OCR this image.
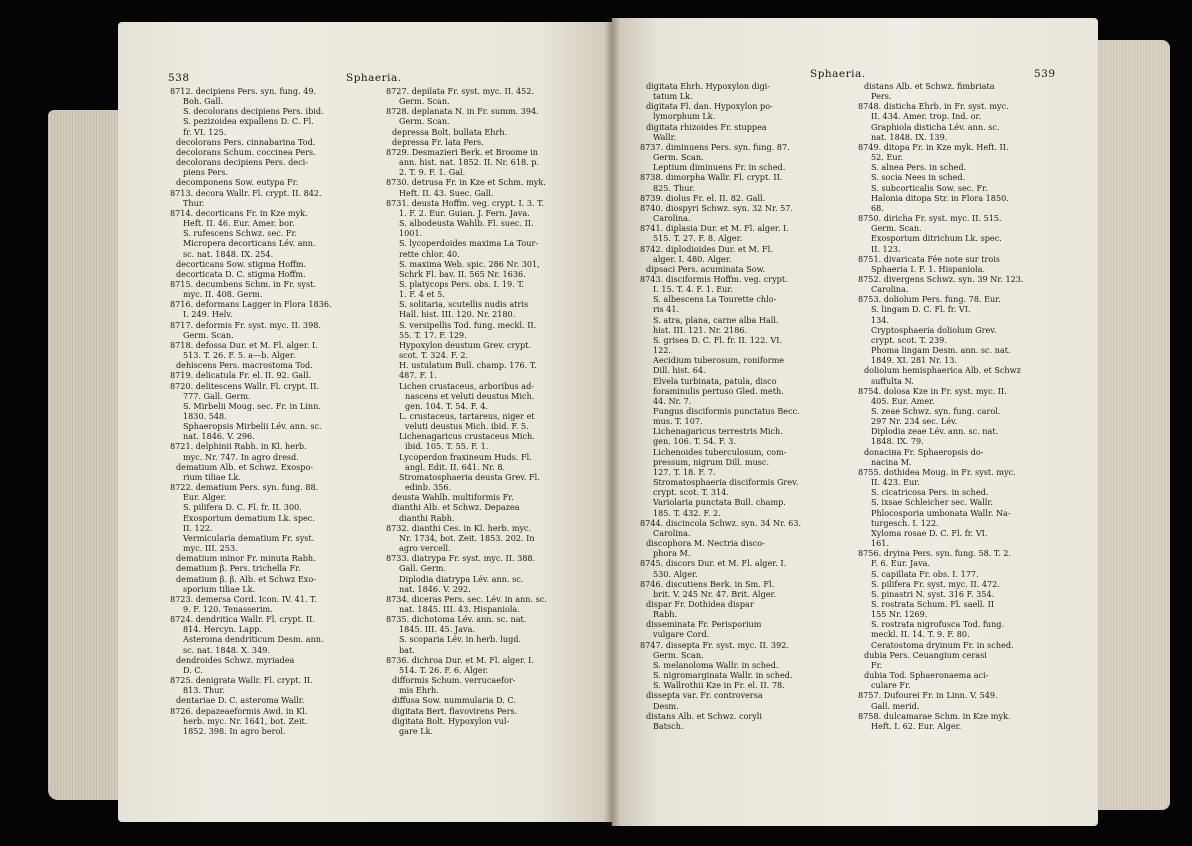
538	Sphaeria.
8712. decipiens Pers. syn. fung. 49.
Boh. Gall.
S. decolorans decipiens Pers. ibid.
S. pezizoidea expallens D. C. Fl.
fr. VI. 125.
decolorans Pers. cinnabarina Tod.
decolorans Schum. coccinea Pers.
decolorans decipiens Pers. deci-
piens Pers.
decomponens Sow. eutypa Fr.
8713. decora Wallr. Fl. crypt. II. 842.
Thur.
8714. decorticans Fr. in Kze myk.
Heft. II. 46. Eur. Amer. bor.
S. rufescens Schwz. sec. Fr.
Micropera decorticans Lév. ann.
sc. nat. 1848. IX. 254.
decorticans Sow. stigma Hoffm.
decorticata D. C. stigma Hoffm.
8715. decumbens Schm. in Fr. syst.
myc. II. 408. Germ.
8716. deformans Lagger in Flora 1836.
I. 249. Helv.
8717. deformis Fr. syst. myc. II. 398.
Germ. Scan.
8718. defossa Dur. et M. Fl. alger. I.
513. T. 26. F. 5. a—b. Alger.
dehiscens Pers. macrostoma Tod.
8719. delicatula Fr. el. II. 92. Gall.
8720. delitescens Wallr. Fl. crypt. II.
777. Gall. Germ.
S. Mirbelii Moug. sec. Fr. in Linn.
1830. 548.
Sphaeropsis Mirbelii Lév. ann. sc.
nat. 1846. V. 296.
8721. delphinii Rabh. in Kl. herb.
myc. Nr. 747. In agro dresd.
dematium Alb. et Schwz. Exospo-
rium tiliae Lk.
8722. dematium Pers. syn. fung. 88.
Eur. Alger.
S. pilifera D. C. Fl. fr. II. 300.
Exosporium dematium Lk. spec.
II. 122.
Vermicularia dematium Fr. syst.
myc. III. 253.
dematium minor Fr. minuta Rabh.
dematium β. Pers. trichella Fr.
dematium β. β. Alb. et Schwz Exo-
sporium tiliae Lk.
8723. demersa Cord. Icon. IV. 41. T.
9. F. 120. Tenasserim.
8724. dendritica Wallr. Fl. crypt. II.
814. Hercyn. Lapp.
Asteroma dendriticum Desm. ann.
sc. nat. 1848. X. 349.
dendroides Schwz. myriadea
D. C.
8725. denigrata Wallr. Fl. crypt. II.
813. Thur.
dentariae D. C. asteroma Wallr.
8726. depazeaeformis Awd. in Kl.
herb. myc. Nr. 1641, bot. Zeit.
1852. 398. In agro berol.
8727. depilata Fr. syst. myc. II. 452.
Germ. Scan.
8728. deplanata N. in Fr. summ. 394.
Germ. Scan.
depressa Bolt. bullata Ehrh.
depressa Fr. lata Pers.
8729. Desmazieri Berk. et Broome in
ann. hist. nat. 1852. II. Nr. 618. p.
2. T. 9. F. 1. Gal.
8730. detrusa Fr. in Kze et Schm. myk.
Heft. II. 43. Suec. Gall.
8731. deusta Hoffm. veg. crypt. I. 3. T.
1. F. 2. Eur. Guian. J. Fern. Java.
S. albodeusta Wahlb. Fl. suec. II.
1001.
S. lycoperdoides maxima La Tour-
rette chlor. 40.
S. maxima Web. spic. 286 Nr. 301,
Schrk Fl. bav. II. 565 Nr. 1636.
S. platycops Pers. obs. I. 19. T.
1. F. 4 et 5.
S. solitaria, scutellis nudis atris
Hall. hist. III. 120. Nr. 2180.
S. versipellis Tod. fung. meckl. II.
55. T. 17. F. 129.
Hypoxylon deustum Grev. crypt.
scot. T. 324. F. 2.
H. ustulatum Bull. champ. 176. T.
487. F. 1.
Lichen crustaceus, arboribus ad-
nascens et veluti deustus Mich.
gen. 104. T. 54. F. 4.
L. crustaceus, tartareus, niger et
veluti deustus Mich. ibid. F. 5.
Lichenagaricus crustaceus Mich.
ibid. 105. T. 55. F. 1.
Lycoperdon fraxineum Huds. Fl.
angl. Edit. II. 641. Nr. 8.
Stromatosphaeria deusta Grev. Fl.
edinb. 356.
deusta Wahlb. multiformis Fr.
dianthi Alb. et Schwz. Depazea
dianthi Rabh.
8732. dianthi Ces. in Kl. herb. myc.
Nr. 1734, bot. Zeit. 1853. 202. In
agro vercell.
8733. diatrypa Fr. syst. myc. II. 388.
Gall. Germ.
Diplodia diatrypa Lév. ann. sc.
nat. 1846. V. 292.
8734. diceras Pers. sec. Lév. in ann. sc.
nat. 1845. III. 43. Hispaniola.
8735. dichotoma Lév. ann. sc. nat.
1845. III. 45. Java.
S. scoparia Lév. in herb. lugd.
bat.
8736. dichroa Dur. et M. Fl. alger. I.
514. T. 26. F. 6. Alger.
difformis Schum. verrucaefor-
mis Ehrh.
diffusa Sow. nummularia D. C.
digitata Bert. flavovirens Pers.
digitata Bolt. Hypoxylon vul-
gare Lk.
Sphaeria.	539
digitata Ehrh. Hypoxylon digi-
tatum Lk.
digitata Fl. dan. Hypoxylon po-
lymorphum Lk.
digitata rhizoides Fr. stuppea
Wallr.
8737. diminuens Pers. syn. fung. 87.
Germ. Scan.
Leptium diminuens Fr. in sched.
8738. dimorpha Wallr. Fl. crypt. II.
825. Thur.
8739. diolus Fr. el. II. 82. Gall.
8740. diospyri Schwz. syn. 32 Nr. 57.
Carolina.
8741. diplasia Dur. et M. Fl. alger. I.
515. T. 27. F. 8. Alger.
8742. diplodioides Dur. et M. Fl.
alger. I. 480. Alger.
dipsaci Pers. acuminata Sow.
8743. disciformis Hoffm. veg. crypt.
I. 15. T. 4. F. 1. Eur.
S. albescens La Tourette chlo-
ris 41.
S. atra, plana, carne alba Hall.
hist. III. 121. Nr. 2186.
S. grisea D. C. Fl. fr. II. 122. VI.
122.
Aecidium tuberosum, roniforme
Dill. hist. 64.
Elvela turbinata, patula, disco
foraminulis pertuso Gled. meth.
44. Nr. 7.
Fungus disciformis punctatus Becc.
mus. T. 107.
Lichenagaricus terrestris Mich.
gen. 106. T. 54. F. 3.
Lichenoides tuberculosum, com-
pressum, nigrum Dill. musc.
127. T. 18. F. 7.
Stromatosphaeria disciformis Grev.
crypt. scot. T. 314.
Variolaria punctata Bull. champ.
185. T. 432. F. 2.
8744. discincola Schwz. syn. 34 Nr. 63.
Carolina.
discophora M. Nectria disco-
phora M.
8745. discors Dur. et M. Fl. alger. I.
530. Alger.
8746. discutiens Berk. in Sm. Fl.
brit. V. 245 Nr. 47. Brit. Alger.
dispar Fr. Dothidea dispar
Rabh.
disseminata Fr. Perisporium
vulgare Cord.
8747. disseptа Fr. syst. myc. II. 392.
Germ. Scan.
S. melanoloma Wallr. in sched.
S. nigromarginata Wallr. in sched.
S. Wallrothii Kze in Fr. el. II. 78.
dissepta var. Fr. controversa
Desm.
distans Alb. et Schwz. coryli
Batsch.
distans Alb. et Schwz. fimbriata
Pers.
8748. disticha Ehrb. in Fr. syst. myc.
II. 434. Amer. trop. Ind. or.
Graphiola disticha Lév. ann. sc.
nat. 1848. IX. 139.
8749. ditopa Fr. in Kze myk. Heft. II.
52. Eur.
S. alnea Pers. in sched.
S. socia Nees in sched.
S. subcorticalis Sow. sec. Fr.
Halonia ditopa Str. in Flora 1850.
68.
8750. diricha Fr. syst. myc. II. 515.
Germ. Scan.
Exosporium ditrichum Lk. spec.
II. 123.
8751. divaricata Fée note sur trois
Sphaeria I. F. 1. Hispaniola.
8752. divergens Schwz. syn. 39 Nr. 123.
Carolina.
8753. doliolum Pers. fung. 78. Eur.
S. lingam D. C. Fl. fr. VI.
134.
Cryptosphaeria doliolum Grev.
crypt. scot. T. 239.
Phoma lingam Desm. ann. sc. nat.
1849. XI. 281 Nr. 13.
doliolum hemisphaerica Alb. et Schwz
suffulta N.
8754. dolosa Kze in Fr. syst. myc. II.
405. Eur. Amer.
S. zeae Schwz. syn. fung. carol.
297 Nr. 234 sec. Lév.
Diplodia zeae Lév. ann. sc. nat.
1848. IX. 79.
donaciна Fr. Sphaeropsis do-
nacina M.
8755. dothidea Moug. in Fr. syst. myc.
II. 423. Eur.
S. cicatricosa Pers. in sched.
S. ixsae Schleicher sec. Wallr.
Phlocosporia umbonata Wallr. Na-
turgesch. I. 122.
Xyloma rosae D. C. Fl. fr. VI.
161.
8756. dryina Pers. syn. fung. 58. T. 2.
F. 6. Eur. Java.
S. capillata Fr. obs. I. 177.
S. pilifera Fr. syst. myc. II. 472.
S. pinastri N. syst. 316 F. 354.
S. rostrata Schum. Fl. saell. II
155 Nr. 1269.
S. rostrata nigrofusca Tod. fung.
meckl. II. 14. T. 9. F. 80.
Ceratostoma dryinum Fr. in sched.
dubia Pers. Ceuangium cerasi
Fr.
dubia Tod. Sphaeronaema aci-
culare Fr.
8757. Dufourei Fr. in Linn. V. 549.
Gall. merid.
8758. dulcamarae Schm. in Kze myk.
Heft. I. 62. Eur. Alger.
